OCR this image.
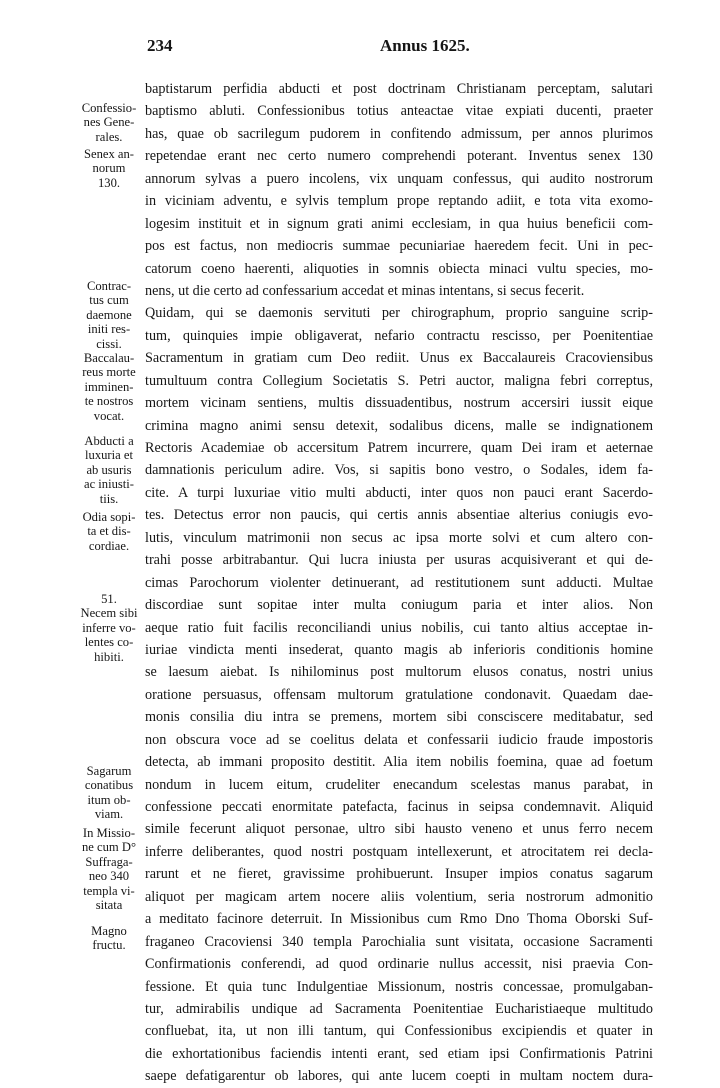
234	Annus 1625.
Confessio-
nes Gene-
rales.
Senex an-
norum
130.
Contrac-
tus cum
daemone
initi res-
cissi.
Baccalau-
reus morte
imminen-
te nostros
vocat.
Abducti a
luxuria et
ab usuris
ac iniusti-
tiis.
Odia sopi-
ta et dis-
cordiae.
51.
Necem sibi
inferre vo-
lentes co-
hibiti.
Sagarum
conatibus
itum ob-
viam.
In Missio-
ne cum D°
Suffraga-
neo 340
templa vi-
sitata
Magno
fructu.
baptistarum perfidia abducti et post doctrinam Christianam perceptam, salutari
baptismo abluti. Confessionibus totius anteactae vitae expiati ducenti, praeter
has, quae ob sacrilegum pudorem in confitendo admissum, per annos plurimos
repetendae erant nec certo numero comprehendi poterant. Inventus senex 130
annorum sylvas a puero incolens, vix unquam confessus, qui audito nostrorum
in viciniam adventu, e sylvis templum prope reptando adiit, e tota vita exomo-
logesim instituit et in signum grati animi ecclesiam, in qua huius beneficii com-
pos est factus, non mediocris summae pecuniariae haeredem fecit. Uni in pec-
catorum coeno haerenti, aliquoties in somnis obiecta minaci vultu species, mo-
nens, ut die certo ad confessarium accedat et minas intentans, si secus fecerit.
Quidam, qui se daemonis servituti per chirographum, proprio sanguine scrip-
tum, quinquies impie obligaverat, nefario contractu rescisso, per Poenitentiae
Sacramentum in gratiam cum Deo rediit. Unus ex Baccalaureis Cracoviensibus
tumultuum contra Collegium Societatis S. Petri auctor, maligna febri correptus,
mortem vicinam sentiens, multis dissuadentibus, nostrum accersiri iussit eique
crimina magno animi sensu detexit, sodalibus dicens, malle se indignationem
Rectoris Academiae ob accersitum Patrem incurrere, quam Dei iram et aeternae
damnationis periculum adire. Vos, si sapitis bono vestro, o Sodales, idem fa-
cite. A turpi luxuriae vitio multi abducti, inter quos non pauci erant Sacerdo-
tes. Detectus error non paucis, qui certis annis absentiae alterius coniugis evo-
lutis, vinculum matrimonii non secus ac ipsa morte solvi et cum altero con-
trahi posse arbitrabantur. Qui lucra iniusta per usuras acquisiverant et qui de-
cimas Parochorum violenter detinuerant, ad restitutionem sunt adducti. Multae
discordiae sunt sopitae inter multa coniugum paria et inter alios. Non
aeque ratio fuit facilis reconciliandi unius nobilis, cui tanto altius acceptae in-
iuriae vindicta menti insederat, quanto magis ab inferioris conditionis homine
se laesum aiebat. Is nihilominus post multorum elusos conatus, nostri unius
oratione persuasus, offensam multorum gratulatione condonavit. Quaedam dae-
monis consilia diu intra se premens, mortem sibi consciscere meditabatur, sed
non obscura voce ad se coelitus delata et confessarii iudicio fraude impostoris
detecta, ab immani proposito destitit. Alia item nobilis foemina, quae ad foetum
nondum in lucem eitum, crudeliter enecandum scelestas manus parabat, in
confessione peccati enormitate patefacta, facinus in seipsa condemnavit. Aliquid
simile fecerunt aliquot personae, ultro sibi hausto veneno et unus ferro necem
inferre deliberantes, quod nostri postquam intellexerunt, et atrocitatem rei decla-
rarunt et ne fieret, gravissime prohibuerunt. Insuper impios conatus sagarum
aliquot per magicam artem nocere aliis volentium, seria nostrorum admonitio
a meditato facinore deterruit. In Missionibus cum Rmo Dno Thoma Oborski Suf-
fraganeo Cracoviensi 340 templa Parochialia sunt visitata, occasione Sacramenti
Confirmationis conferendi, ad quod ordinarie nullus accessit, nisi praevia Con-
fessione. Et quia tunc Indulgentiae Missionum, nostris concessae, promulgaban-
tur, admirabilis undique ad Sacramenta Poenitentiae Eucharistiaeque multitudo
confluebat, ita, ut non illi tantum, qui Confessionibus excipiendis et quater in
die exhortationibus faciendis intenti erant, sed etiam ipsi Confirmationis Patrini
saepe defatigarentur ob labores, qui ante lucem coepti in multam noctem dura-
